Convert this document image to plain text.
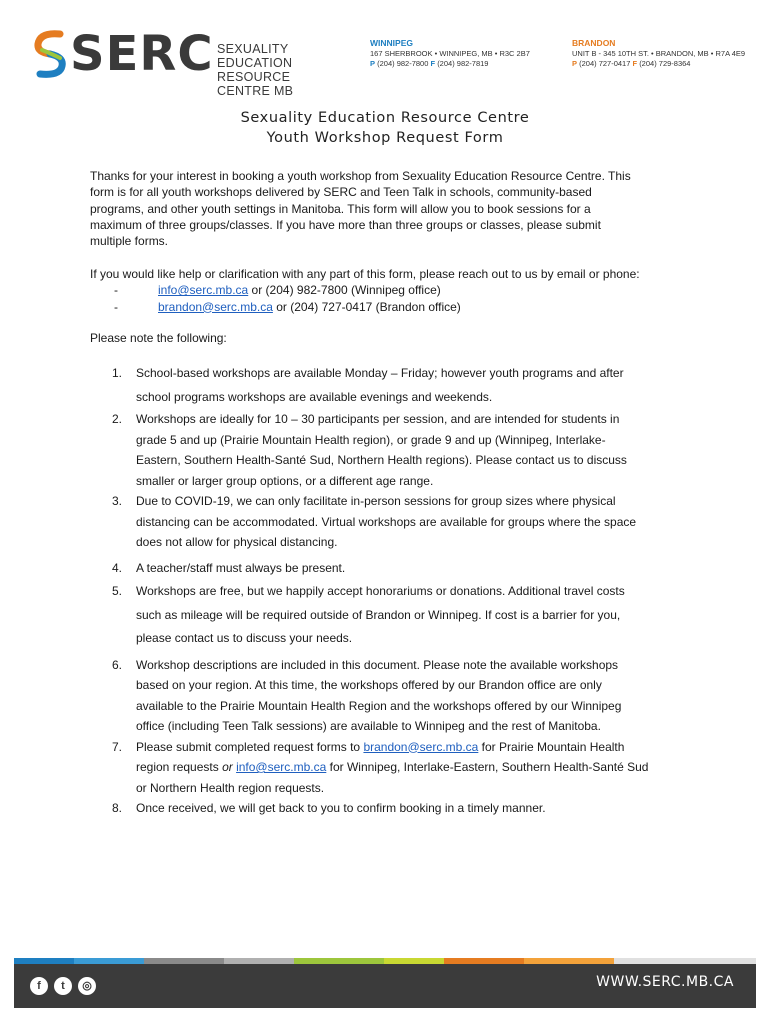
SERC SEXUALITY EDUCATION
RESOURCE CENTRE MB
WINNIPEG
167 SHERBROOK • WINNIPEG, MB • R3C 2B7
P (204) 982-7800 F (204) 982-7819
BRANDON
UNIT B - 345 10TH ST. • BRANDON, MB • R7A 4E9
P (204) 727-0417 F (204) 729-8364
Sexuality Education Resource Centre
Youth Workshop Request Form
Thanks for your interest in booking a youth workshop from Sexuality Education Resource Centre. This
form is for all youth workshops delivered by SERC and Teen Talk in schools, community-based
programs, and other youth settings in Manitoba. This form will allow you to book sessions for a
maximum of three groups/classes. If you have more than three groups or classes, please submit
multiple forms.
If you would like help or clarification with any part of this form, please reach out to us by email or phone:
-	info@serc.mb.ca or (204) 982-7800 (Winnipeg office)
-	brandon@serc.mb.ca or (204) 727-0417 (Brandon office)
Please note the following:
1. School-based workshops are available Monday – Friday; however youth programs and after
school programs workshops are available evenings and weekends.
2. Workshops are ideally for 10 – 30 participants per session, and are intended for students in
grade 5 and up (Prairie Mountain Health region), or grade 9 and up (Winnipeg, Interlake-
Eastern, Southern Health-Santé Sud, Northern Health regions). Please contact us to discuss
smaller or larger group options, or a different age range.
3. Due to COVID-19, we can only facilitate in-person sessions for group sizes where physical
distancing can be accommodated. Virtual workshops are available for groups where the space
does not allow for physical distancing.
4. A teacher/staff must always be present.
5. Workshops are free, but we happily accept honorariums or donations. Additional travel costs
such as mileage will be required outside of Brandon or Winnipeg. If cost is a barrier for you,
please contact us to discuss your needs.
6. Workshop descriptions are included in this document. Please note the available workshops
based on your region. At this time, the workshops offered by our Brandon office are only
available to the Prairie Mountain Health Region and the workshops offered by our Winnipeg
office (including Teen Talk sessions) are available to Winnipeg and the rest of Manitoba.
7. Please submit completed request forms to brandon@serc.mb.ca for Prairie Mountain Health
region requests or info@serc.mb.ca for Winnipeg, Interlake-Eastern, Southern Health-Santé Sud
or Northern Health region requests.
8. Once received, we will get back to you to confirm booking in a timely manner.
f	t	◎	WWW.SERC.MB.CA
